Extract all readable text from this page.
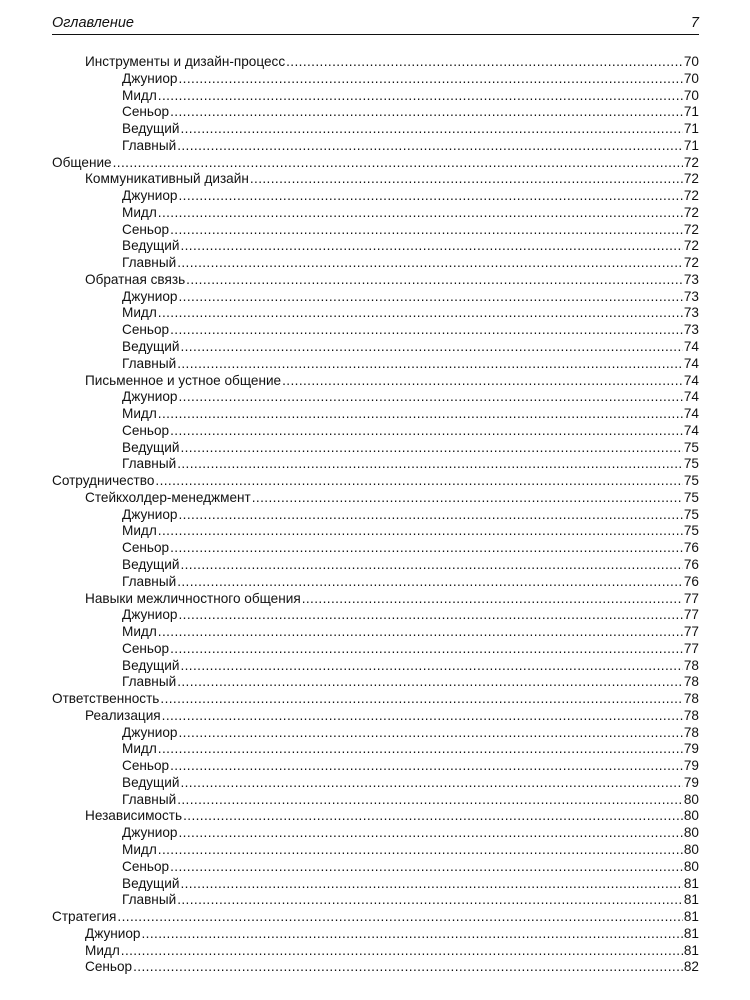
Оглавление	7
Инструменты и дизайн-процесс .....	70
Джуниор .....	70
Мидл .....	70
Сеньор .....	71
Ведущий .....	71
Главный .....	71
Общение .....	72
Коммуникативный дизайн .....	72
Джуниор .....	72
Мидл .....	72
Сеньор .....	72
Ведущий .....	72
Главный .....	72
Обратная связь .....	73
Джуниор .....	73
Мидл .....	73
Сеньор .....	73
Ведущий .....	74
Главный .....	74
Письменное и устное общение .....	74
Джуниор .....	74
Мидл .....	74
Сеньор .....	74
Ведущий .....	75
Главный .....	75
Сотрудничество .....	75
Стейкхолдер-менеджмент .....	75
Джуниор .....	75
Мидл .....	75
Сеньор .....	76
Ведущий .....	76
Главный .....	76
Навыки межличностного общения .....	77
Джуниор .....	77
Мидл .....	77
Сеньор .....	77
Ведущий .....	78
Главный .....	78
Ответственность .....	78
Реализация .....	78
Джуниор .....	78
Мидл .....	79
Сеньор .....	79
Ведущий .....	79
Главный .....	80
Независимость .....	80
Джуниор .....	80
Мидл .....	80
Сеньор .....	80
Ведущий .....	81
Главный .....	81
Стратегия .....	81
Джуниор .....	81
Мидл .....	81
Сеньор .....	82
